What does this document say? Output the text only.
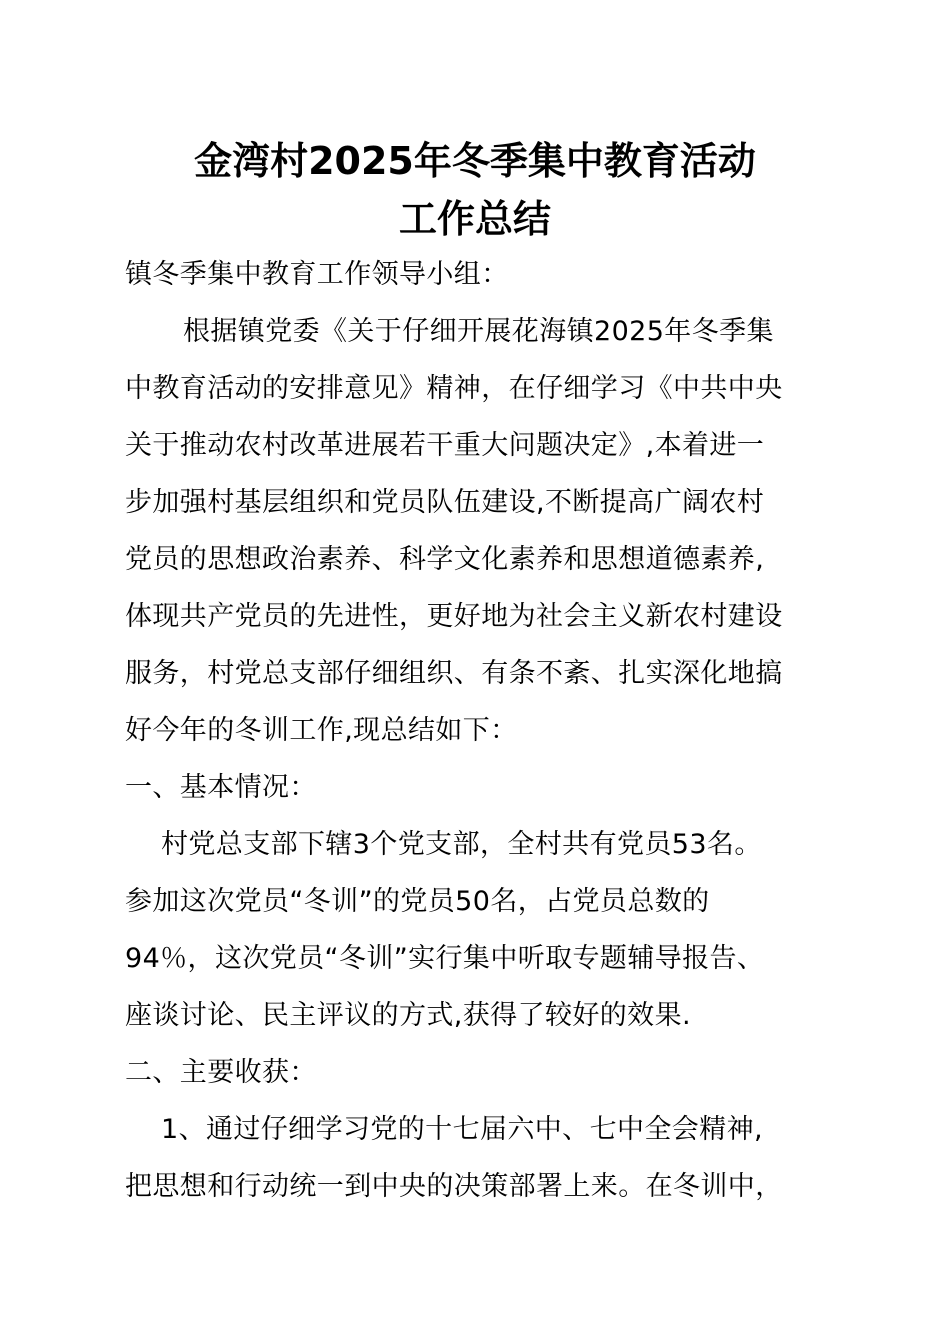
金湾村2025年冬季集中教育活动
工作总结
镇冬季集中教育工作领导小组：
根据镇党委《关于仔细开展花海镇2025年冬季集
中教育活动的安排意见》精神，在仔细学习《中共中央
关于推动农村改革进展若干重大问题决定》,本着进一
步加强村基层组织和党员队伍建设,不断提高广阔农村
党员的思想政治素养、科学文化素养和思想道德素养,
体现共产党员的先进性，更好地为社会主义新农村建设
服务，村党总支部仔细组织、有条不紊、扎实深化地搞
好今年的冬训工作,现总结如下：
一、基本情况：
村党总支部下辖3个党支部，全村共有党员53名。
参加这次党员“冬训”的党员50名，占党员总数的
94％，这次党员“冬训”实行集中听取专题辅导报告、
座谈讨论、民主评议的方式,获得了较好的效果.
二、主要收获：
1、通过仔细学习党的十七届六中、七中全会精神,
把思想和行动统一到中央的决策部署上来。在冬训中，
